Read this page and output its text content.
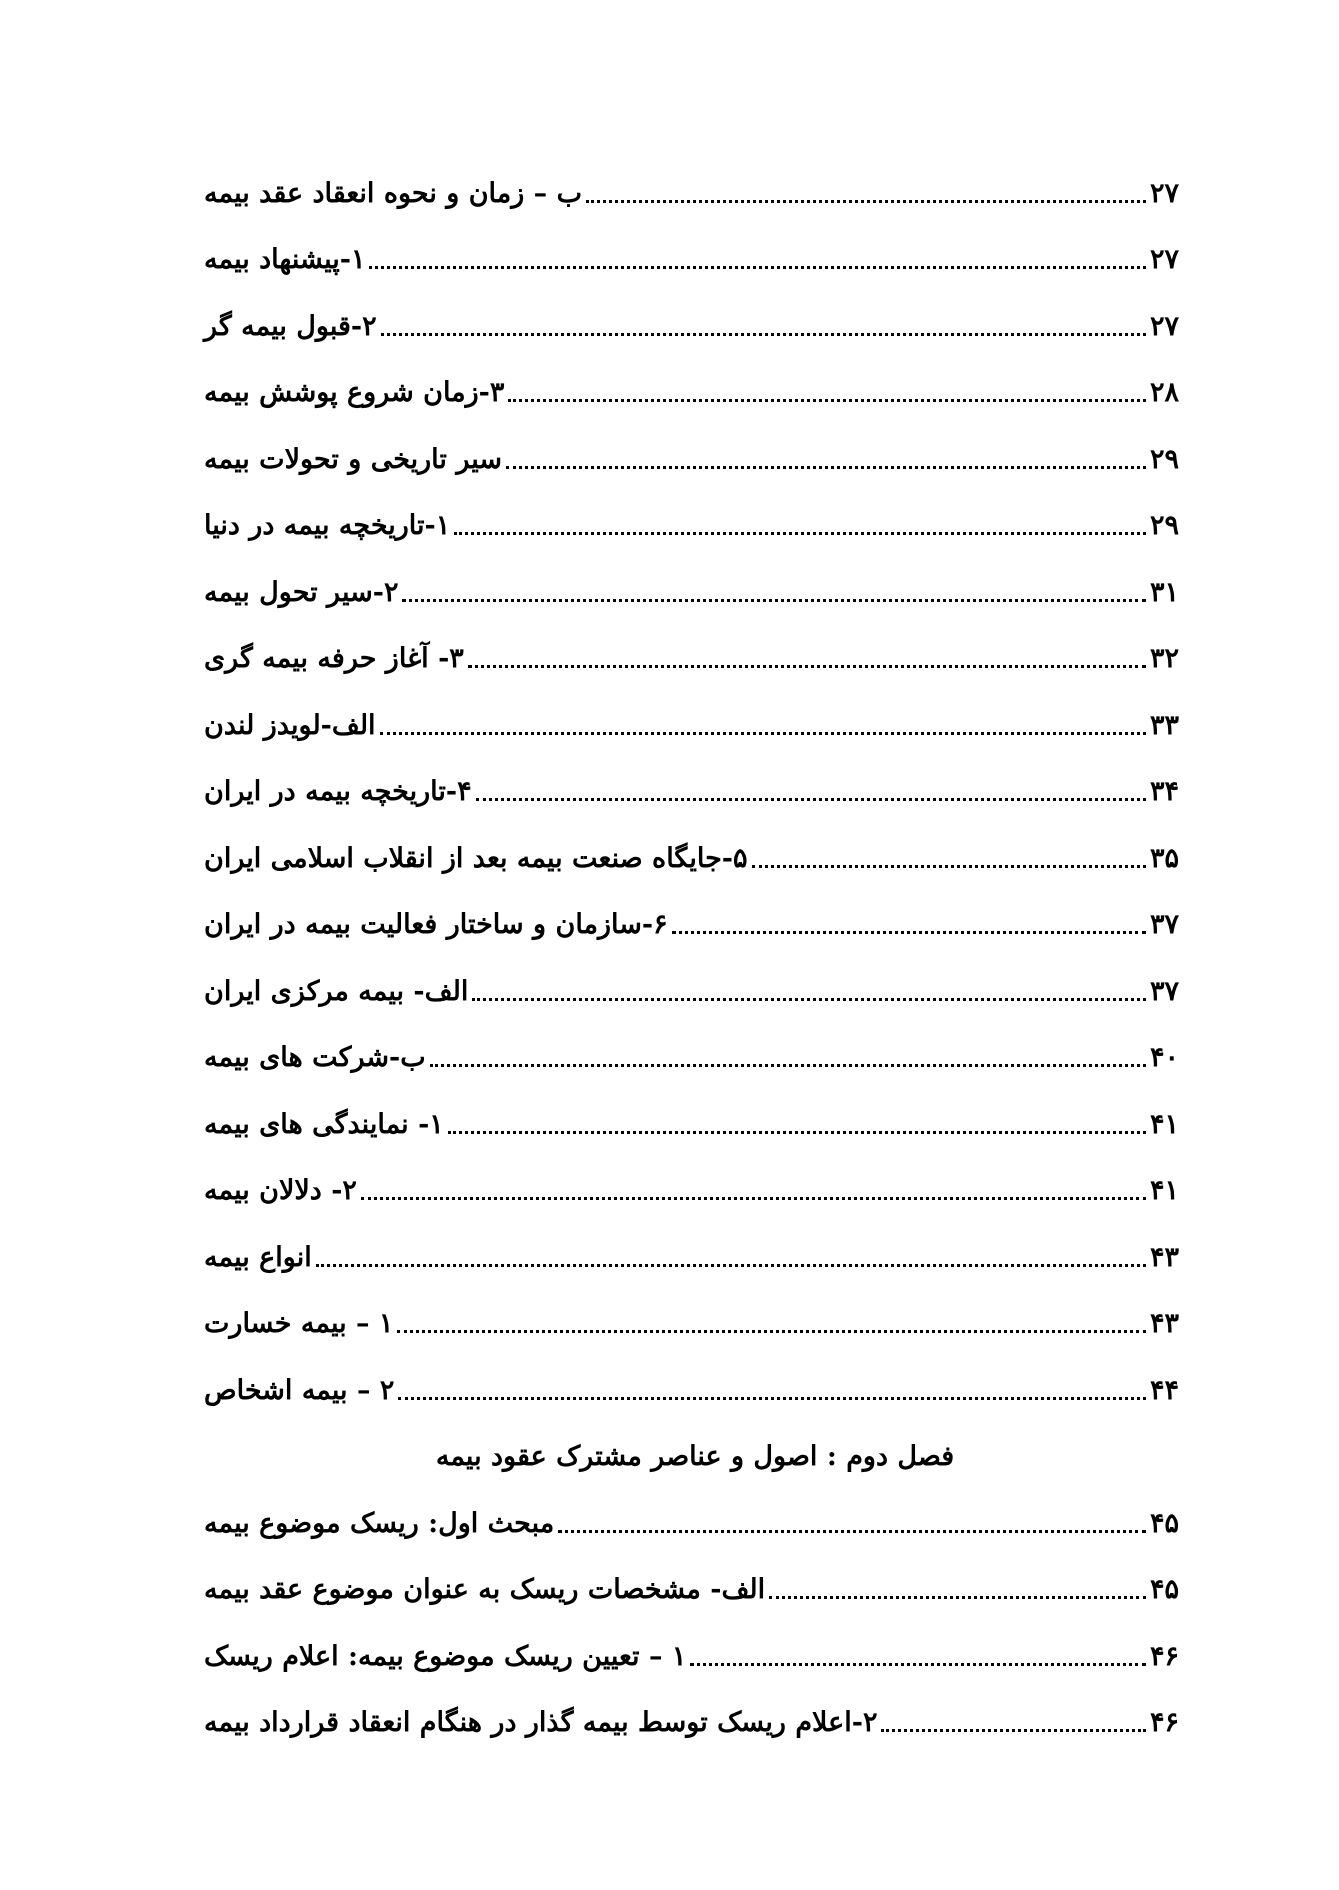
ب – زمان و نحوه انعقاد عقد بیمه	۲۷
۱-پیشنهاد بیمه	۲۷
۲-قبول بیمه گر	۲۷
۳-زمان شروع پوشش بیمه	۲۸
سیر تاریخی و تحولات بیمه	۲۹
۱-تاریخچه بیمه در دنیا	۲۹
۲-سیر تحول بیمه	۳۱
۳- آغاز حرفه بیمه گری	۳۲
الف-لویدز لندن	۳۳
۴-تاریخچه بیمه در ایران	۳۴
۵-جایگاه صنعت بیمه بعد از انقلاب اسلامی ایران	۳۵
۶-سازمان و ساختار فعالیت بیمه در ایران	۳۷
الف- بیمه مرکزی ایران	۳۷
ب-شرکت های بیمه	۴۰
۱- نمایندگی های بیمه	۴۱
۲- دلالان بیمه	۴۱
انواع بیمه	۴۳
۱ – بیمه خسارت	۴۳
۲ – بیمه اشخاص	۴۴
فصل دوم : اصول و عناصر مشترک عقود بیمه
مبحث اول: ریسک موضوع بیمه	۴۵
الف- مشخصات ریسک به عنوان موضوع عقد بیمه	۴۵
۱ – تعیین ریسک موضوع بیمه: اعلام ریسک	۴۶
۲-اعلام ریسک توسط بیمه گذار در هنگام انعقاد قرارداد بیمه	۴۶
